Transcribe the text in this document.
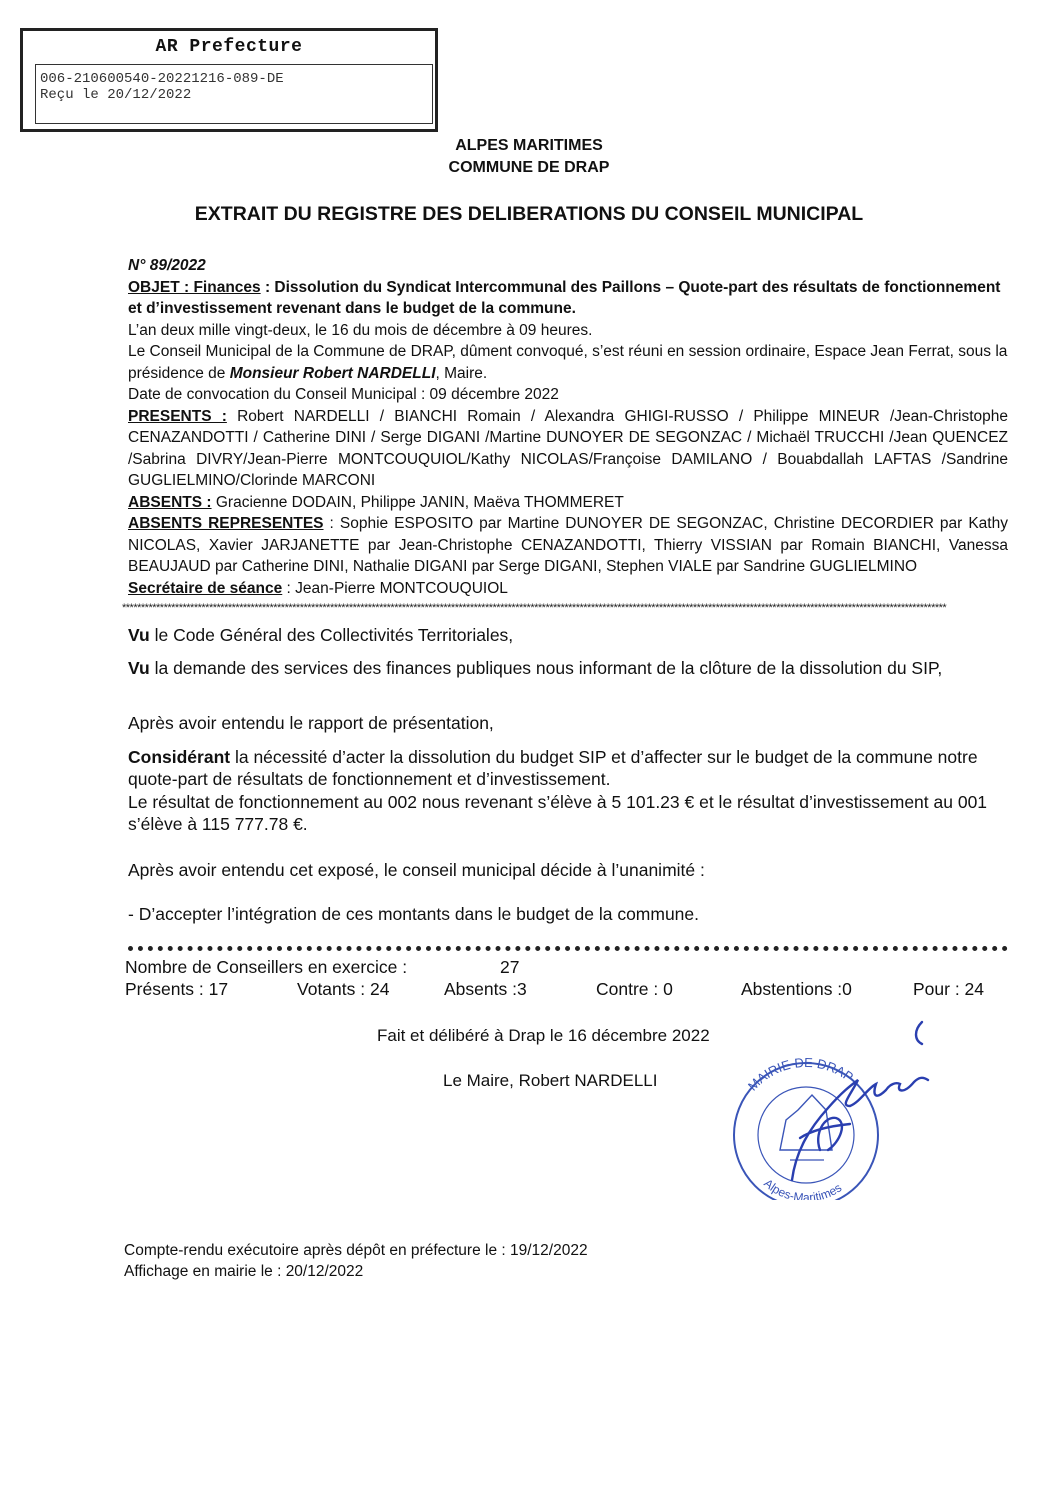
AR Prefecture
006-210600540-20221216-089-DE
Reçu le 20/12/2022
ALPES MARITIMES
COMMUNE DE DRAP
EXTRAIT DU REGISTRE DES DELIBERATIONS DU CONSEIL MUNICIPAL
N° 89/2022
OBJET : Finances : Dissolution du Syndicat Intercommunal des Paillons – Quote-part des résultats de fonctionnement et d’investissement revenant dans le budget de la commune.
L’an deux mille vingt-deux, le 16 du mois de décembre à 09 heures.
Le Conseil Municipal de la Commune de DRAP, dûment convoqué, s’est réuni en session ordinaire, Espace Jean Ferrat, sous la présidence de Monsieur Robert NARDELLI, Maire.
Date de convocation du Conseil Municipal : 09 décembre 2022
PRESENTS : Robert NARDELLI / BIANCHI Romain / Alexandra GHIGI-RUSSO / Philippe MINEUR /Jean-Christophe CENAZANDOTTI / Catherine DINI / Serge DIGANI /Martine DUNOYER DE SEGONZAC / Michaël TRUCCHI /Jean QUENCEZ /Sabrina DIVRY/Jean-Pierre MONTCOUQUIOL/Kathy NICOLAS/Françoise DAMILANO / Bouabdallah LAFTAS /Sandrine GUGLIELMINO/Clorinde MARCONI
ABSENTS : Gracienne DODAIN, Philippe JANIN, Maëva THOMMERET
ABSENTS REPRESENTES : Sophie ESPOSITO par Martine DUNOYER DE SEGONZAC, Christine DECORDIER par Kathy NICOLAS, Xavier JARJANETTE par Jean-Christophe CENAZANDOTTI, Thierry VISSIAN par Romain BIANCHI, Vanessa BEAUJAUD par Catherine DINI, Nathalie DIGANI par Serge DIGANI, Stephen VIALE par Sandrine GUGLIELMINO
Secrétaire de séance : Jean-Pierre MONTCOUQUIOL
**************************************************************************************************************************************************************************************************************************
Vu le Code Général des Collectivités Territoriales,
Vu la demande des services des finances publiques nous informant de la clôture de la dissolution du SIP,
Après avoir entendu le rapport de présentation,
Considérant la nécessité d’acter la dissolution du budget SIP et d’affecter sur le budget de la commune notre quote-part de résultats de fonctionnement et d’investissement.
Le résultat de fonctionnement au 002 nous revenant s’élève à 5 101.23 € et le résultat d’investissement au 001 s’élève à 115 777.78 €.
Après avoir entendu cet exposé, le conseil municipal décide à l’unanimité :
- D’accepter l’intégration de ces montants dans le budget de la commune.
Nombre de Conseillers en exercice :	27
Présents : 17	Votants : 24	Absents :3	Contre : 0	Abstentions :0	Pour : 24
Fait et délibéré à Drap le 16 décembre 2022
Le Maire, Robert NARDELLI	MAIRIE DE DRAP
Alpes-Maritimes
Compte-rendu exécutoire après dépôt en préfecture le : 19/12/2022
Affichage en mairie le : 20/12/2022
